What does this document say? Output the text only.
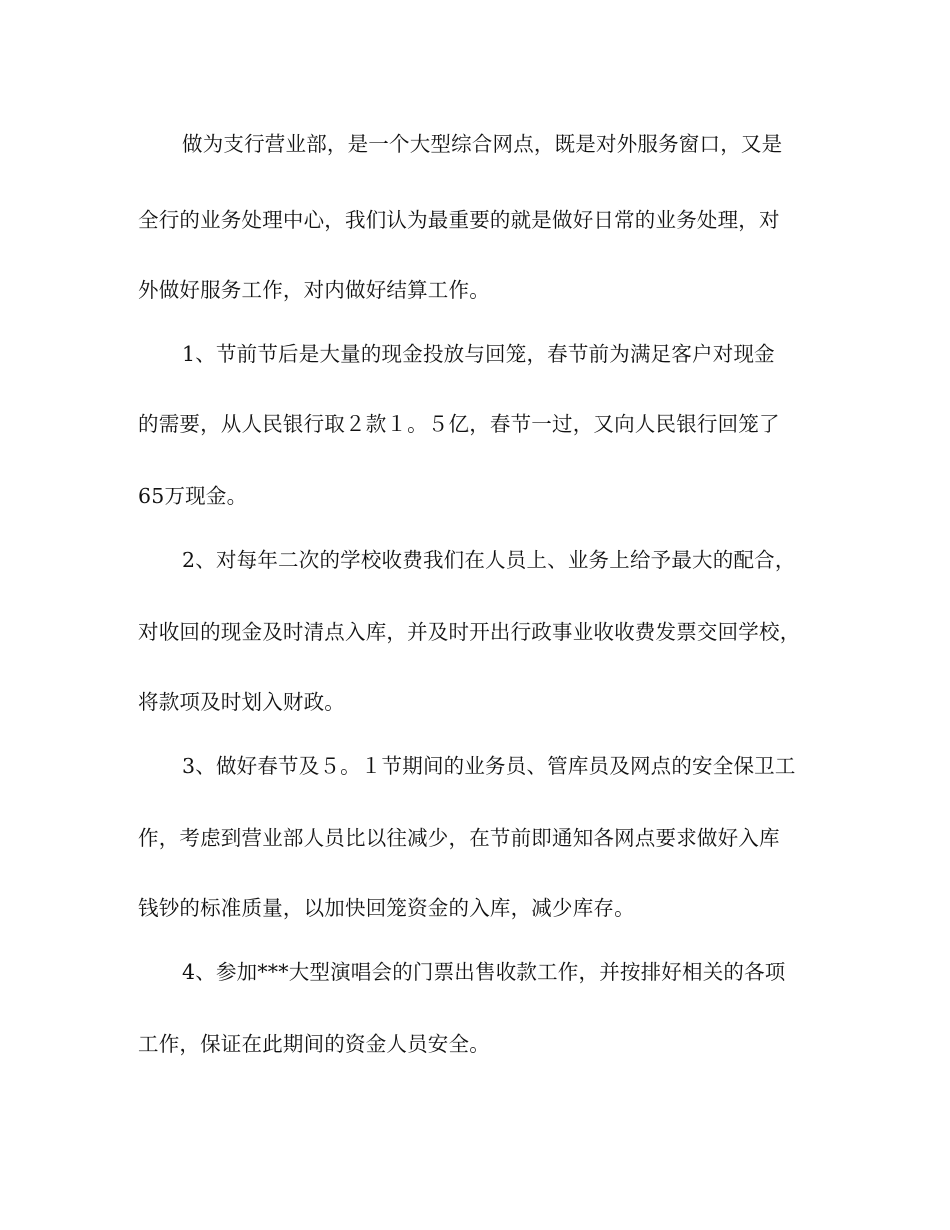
做为支行营业部，是一个大型综合网点，既是对外服务窗口，又是
全行的业务处理中心，我们认为最重要的就是做好日常的业务处理，对
外做好服务工作，对内做好结算工作。
1、节前节后是大量的现金投放与回笼，春节前为满足客户对现金
的需要，从人民银行取２款１。５亿，春节一过，又向人民银行回笼了
65万现金。
2、对每年二次的学校收费我们在人员上、业务上给予最大的配合，
对收回的现金及时清点入库，并及时开出行政事业收收费发票交回学校，
将款项及时划入财政。
3、做好春节及５。１节期间的业务员、管库员及网点的安全保卫工
作，考虑到营业部人员比以往减少，在节前即通知各网点要求做好入库
钱钞的标准质量，以加快回笼资金的入库，减少库存。
4、参加***大型演唱会的门票出售收款工作，并按排好相关的各项
工作，保证在此期间的资金人员安全。
